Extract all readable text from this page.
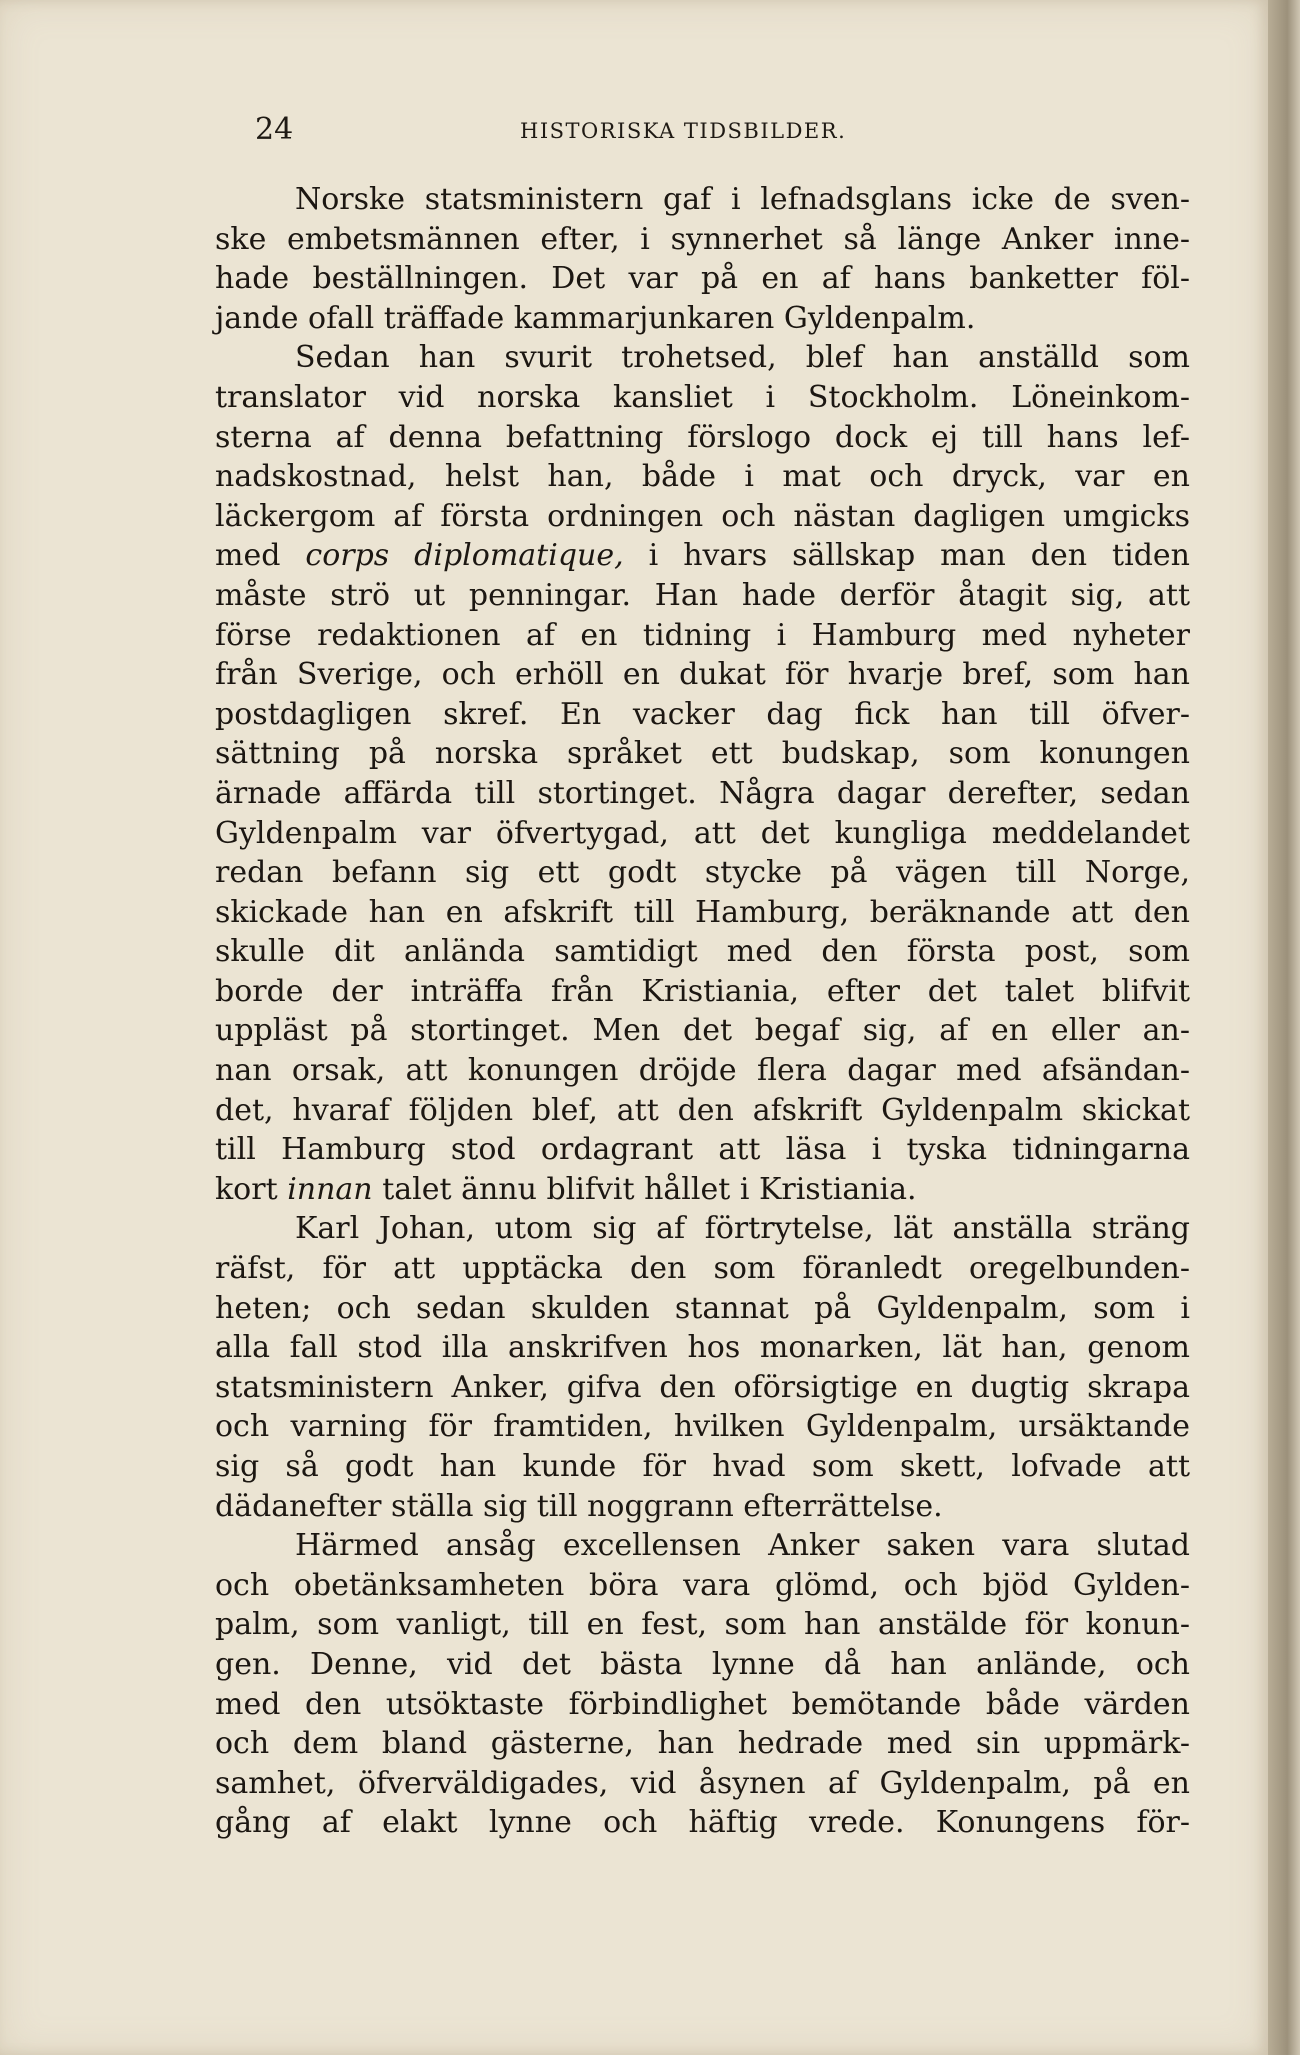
24	HISTORISKA TIDSBILDER.

Norske statsministern gaf i lefnadsglans icke de sven-
ske embetsmännen efter, i synnerhet så länge Anker inne-
hade beställningen. Det var på en af hans banketter föl-
jande ofall träffade kammarjunkaren Gyldenpalm.

Sedan han svurit trohetsed, blef han anställd som
translator vid norska kansliet i Stockholm. Löneinkom-
sterna af denna befattning förslogo dock ej till hans lef-
nadskostnad, helst han, både i mat och dryck, var en
läckergom af första ordningen och nästan dagligen umgicks
med corps diplomatique, i hvars sällskap man den tiden
måste strö ut penningar. Han hade derför åtagit sig, att
förse redaktionen af en tidning i Hamburg med nyheter
från Sverige, och erhöll en dukat för hvarje bref, som han
postdagligen skref. En vacker dag fick han till öfver-
sättning på norska språket ett budskap, som konungen
ärnade affärda till stortinget. Några dagar derefter, sedan
Gyldenpalm var öfvertygad, att det kungliga meddelandet
redan befann sig ett godt stycke på vägen till Norge,
skickade han en afskrift till Hamburg, beräknande att den
skulle dit anlända samtidigt med den första post, som
borde der inträffa från Kristiania, efter det talet blifvit
uppläst på stortinget. Men det begaf sig, af en eller an-
nan orsak, att konungen dröjde flera dagar med afsändan-
det, hvaraf följden blef, att den afskrift Gyldenpalm skickat
till Hamburg stod ordagrant att läsa i tyska tidningarna
kort innan talet ännu blifvit hållet i Kristiania.

Karl Johan, utom sig af förtrytelse, lät anställa sträng
räfst, för att upptäcka den som föranledt oregelbunden-
heten; och sedan skulden stannat på Gyldenpalm, som i
alla fall stod illa anskrifven hos monarken, lät han, genom
statsministern Anker, gifva den oförsigtige en dugtig skrapa
och varning för framtiden, hvilken Gyldenpalm, ursäktande
sig så godt han kunde för hvad som skett, lofvade att
dädanefter ställa sig till noggrann efterrättelse.

Härmed ansåg excellensen Anker saken vara slutad
och obetänksamheten böra vara glömd, och bjöd Gylden-
palm, som vanligt, till en fest, som han anstälde för konun-
gen. Denne, vid det bästa lynne då han anlände, och
med den utsöktaste förbindlighet bemötande både värden
och dem bland gästerne, han hedrade med sin uppmärk-
samhet, öfverväldigades, vid åsynen af Gyldenpalm, på en
gång af elakt lynne och häftig vrede. Konungens för-
